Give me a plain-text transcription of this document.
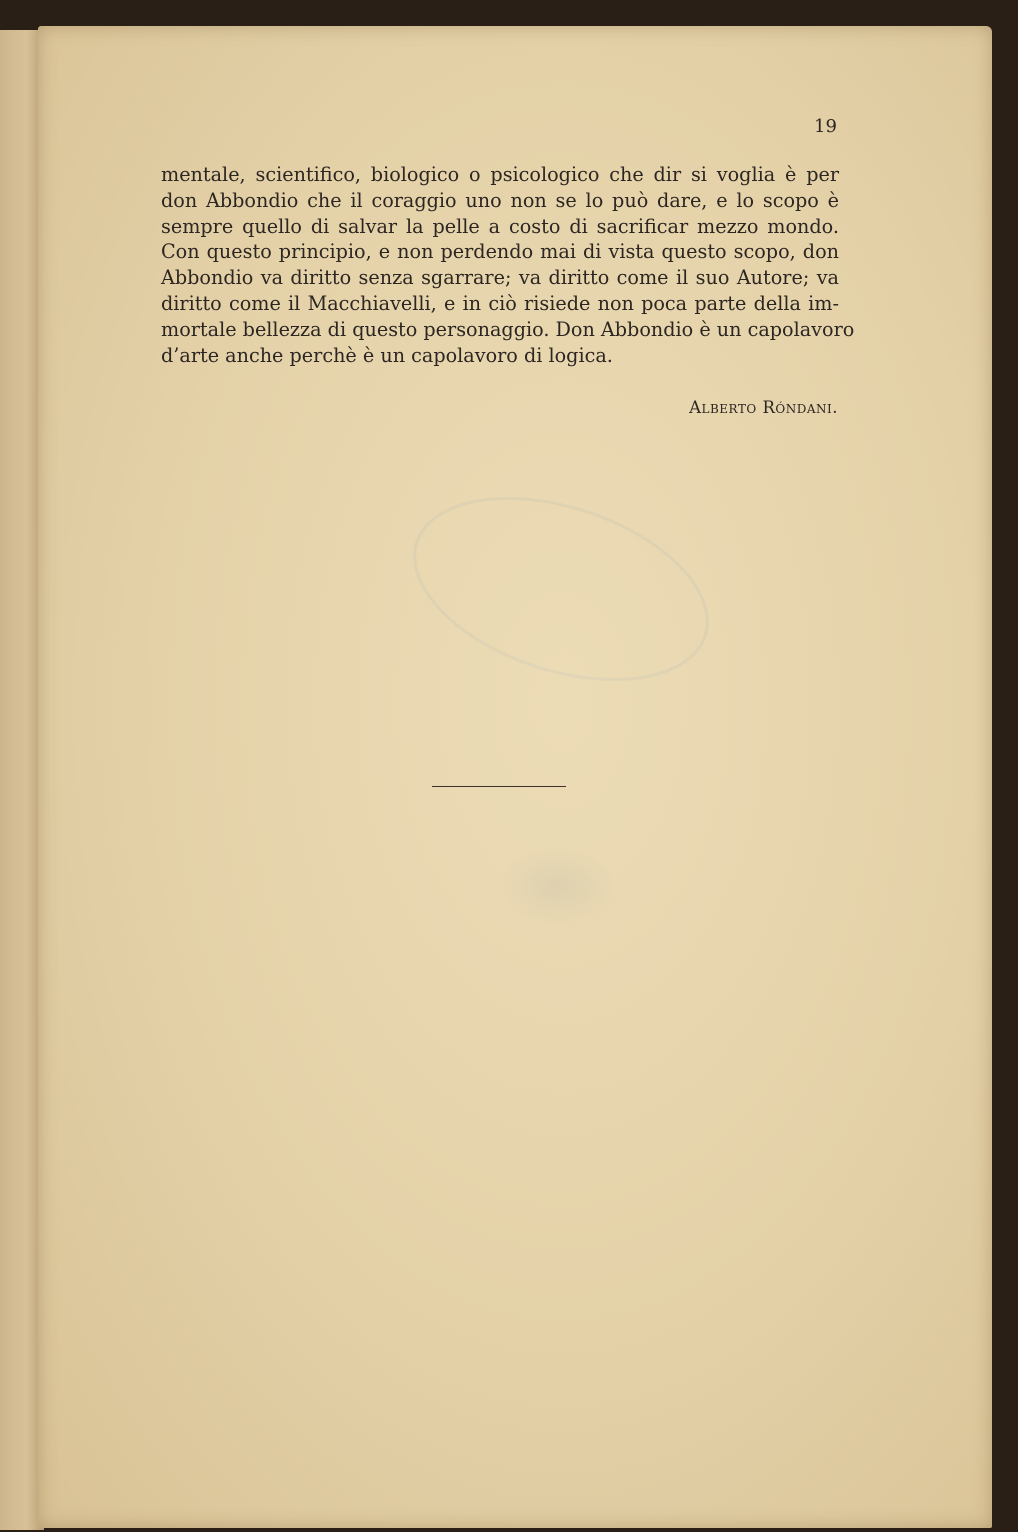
19
mentale, scientifico, biologico o psicologico che dir si voglia è per
don Abbondio che il coraggio uno non se lo può dare, e lo scopo è
sempre quello di salvar la pelle a costo di sacrificar mezzo mondo.
Con questo principio, e non perdendo mai di vista questo scopo, don
Abbondio va diritto senza sgarrare; va diritto come il suo Autore; va
diritto come il Macchiavelli, e in ciò risiede non poca parte della im-
mortale bellezza di questo personaggio. Don Abbondio è un capolavoro
d’arte anche perchè è un capolavoro di logica.
Alberto Róndani.
